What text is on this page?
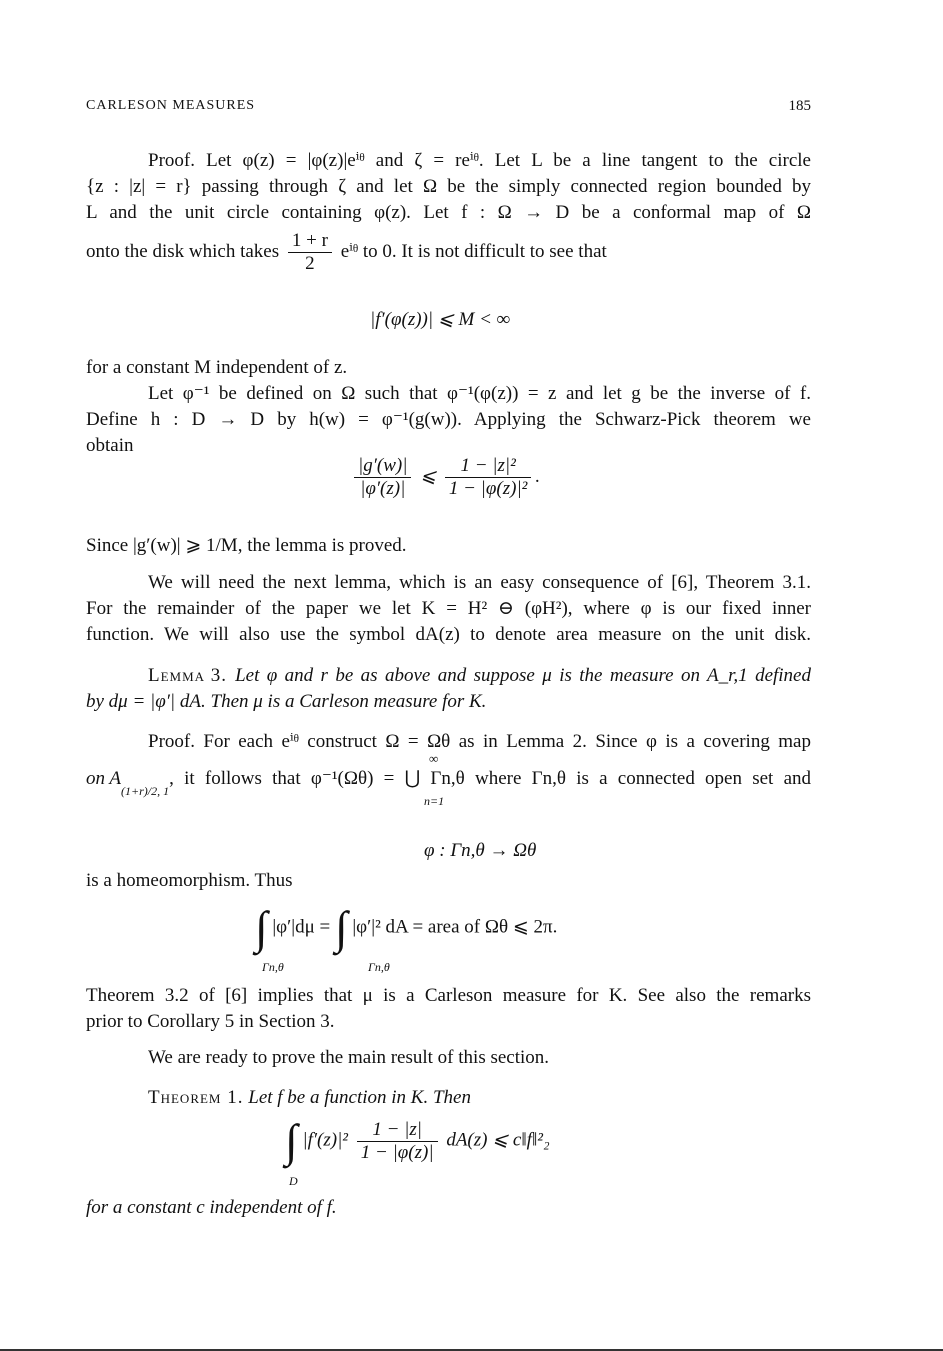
CARLESON MEASURES	185
Proof. Let φ(z) = |φ(z)|eⁱᶿ and ζ = reⁱᶿ. Let L be a line tangent to the circle
{z : |z| = r} passing through ζ and let Ω be the simply connected region bounded by
L and the unit circle containing φ(z). Let f : Ω → D be a conformal map of Ω
onto the disk which takes $\frac{1 + r}{2}$ eⁱᶿ to 0. It is not difficult to see that
|f′(φ(z))| ⩽ M < ∞
for a constant M independent of z.
Let φ⁻¹ be defined on Ω such that φ⁻¹(φ(z)) = z and let g be the inverse of f.
Define h : D → D by h(w) = φ⁻¹(g(w)). Applying the Schwarz-Pick theorem we
obtain
$\frac{|g'(w)|}{|\varphi'(z)|}$ ⩽ $\frac{\text{1 − |z|²}}{\text{1 − |φ(z)|²}}$ .
Since |g′(w)| ⩾ 1/M, the lemma is proved.
We will need the next lemma, which is an easy consequence of [6], Theorem 3.1.
For the remainder of the paper we let K = H² ⊖ (φH²), where φ is our fixed inner
function. We will also use the symbol dA(z) to denote area measure on the unit disk.
Lemma 3. Let φ and r be as above and suppose μ is the measure on A_r,1 defined
by dμ = |φ′| dA. Then μ is a Carleson measure for K.
Proof. For each eⁱᶿ construct Ω = Ωθ as in Lemma 2. Since φ is a covering map
on A
(1+r)/2, 1
, it follows that φ⁻¹(Ωθ) = ⋃ Γn,θ where Γn,θ is a connected open set and
∞
n=1
φ : Γn,θ → Ωθ
is a homeomorphism. Thus
∫ |φ′|dμ = ∫ |φ′|² dA = area of Ωθ ⩽ 2π.
Γn,θ	Γn,θ
Theorem 3.2 of [6] implies that μ is a Carleson measure for K. See also the remarks
prior to Corollary 5 in Section 3.
We are ready to prove the main result of this section.
Theorem 1. Let f be a function in K. Then
∫ $|f'(z)|^2 \frac{1 - |z|}{1 - |\varphi(z)|} dA(z)$ ⩽ c‖f‖²₂
D
for a constant c independent of f.
